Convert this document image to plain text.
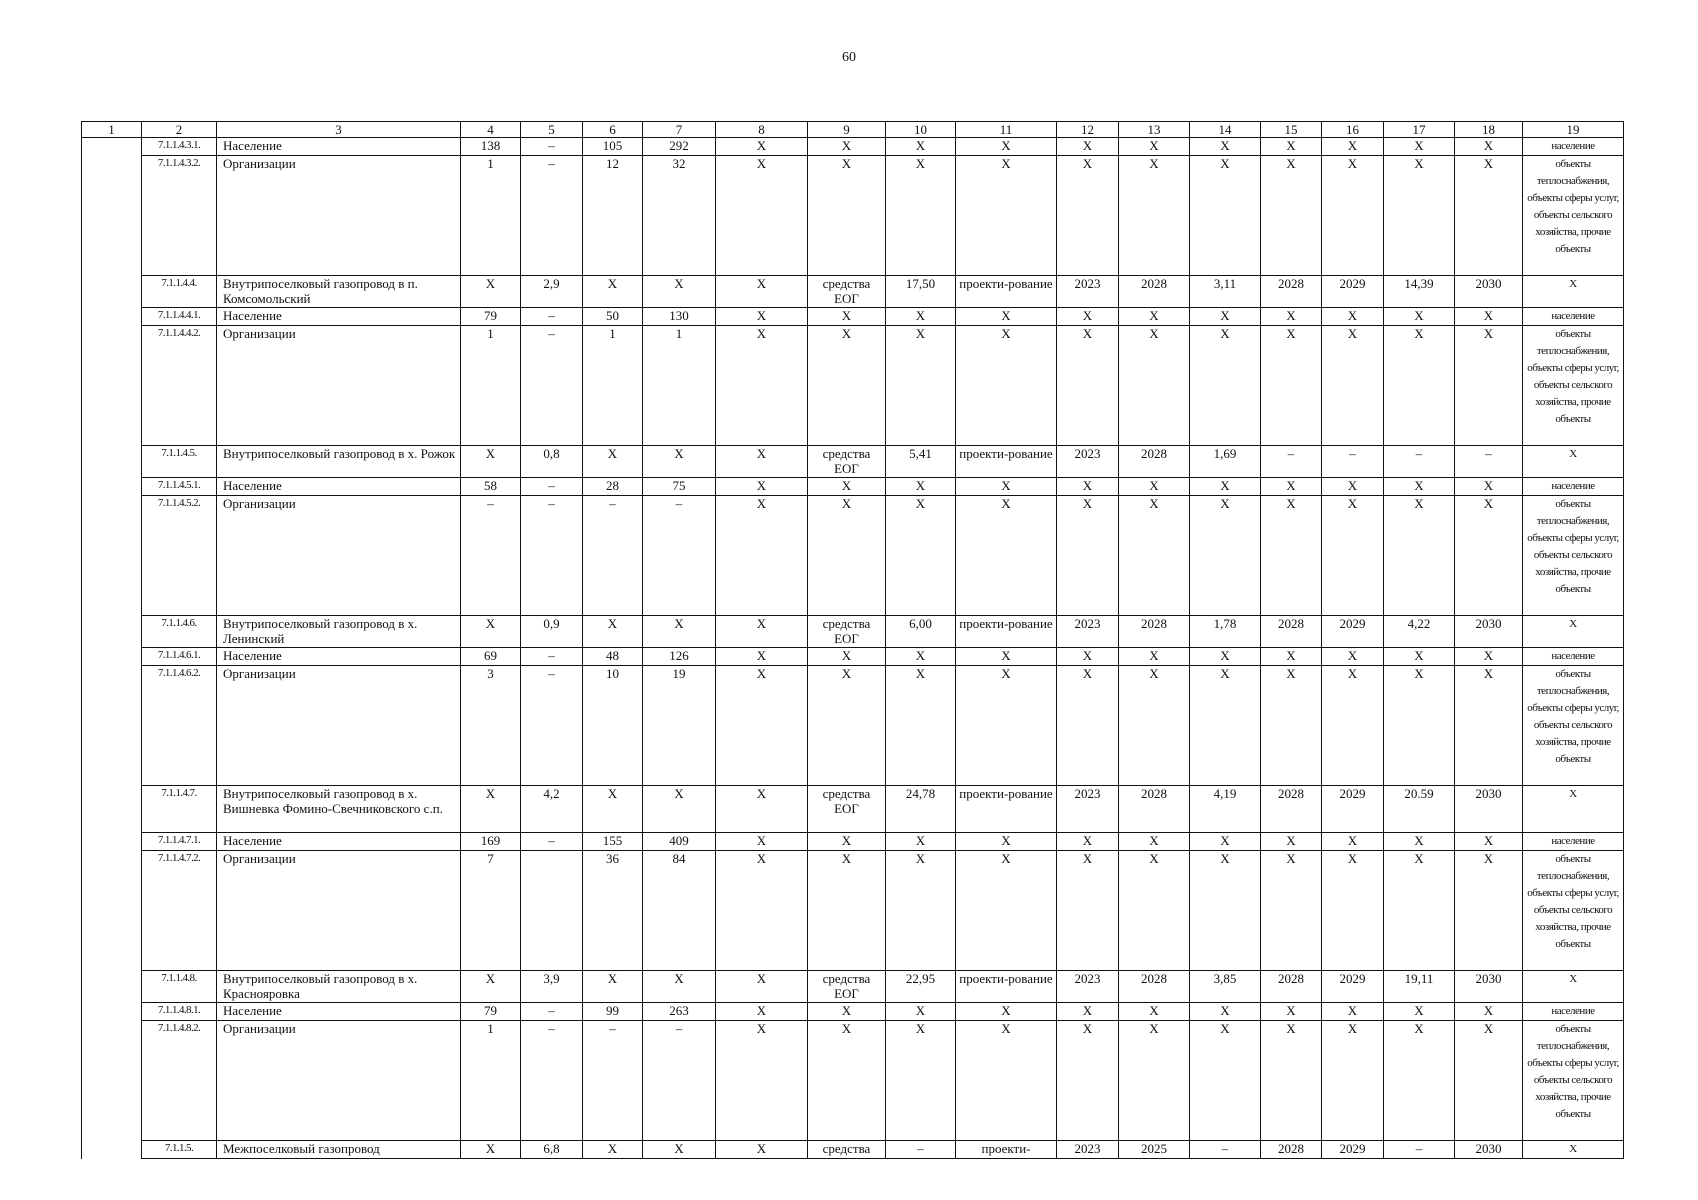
60
1	2	3	4	5	6	7	8	9	10	11	12	13	14	15	16	17	18	19
	7.1.1.4.3.1.	Население	138	–	105	292	X	X	X	X	X	X	X	X	X	X	X	население
	7.1.1.4.3.2.	Организации	1	–	12	32	X	X	X	X	X	X	X	X	X	X	X	объекты теплоснабжения, объекты сферы услуг, объекты сельского хозяйства, прочие объекты
	7.1.1.4.4.	Внутрипоселковый газопровод в п. Комсомольский	X	2,9	X	X	X	средства ЕОГ	17,50	проекти-рование	2023	2028	3,11	2028	2029	14,39	2030	X
	7.1.1.4.4.1.	Население	79	–	50	130	X	X	X	X	X	X	X	X	X	X	X	население
	7.1.1.4.4.2.	Организации	1	–	1	1	X	X	X	X	X	X	X	X	X	X	X	объекты теплоснабжения, объекты сферы услуг, объекты сельского хозяйства, прочие объекты
	7.1.1.4.5.	Внутрипоселковый газопровод в х. Рожок	X	0,8	X	X	X	средства ЕОГ	5,41	проекти-рование	2023	2028	1,69	–	–	–	–	X
	7.1.1.4.5.1.	Население	58	–	28	75	X	X	X	X	X	X	X	X	X	X	X	население
	7.1.1.4.5.2.	Организации	–	–	–	–	X	X	X	X	X	X	X	X	X	X	X	объекты теплоснабжения, объекты сферы услуг, объекты сельского хозяйства, прочие объекты
	7.1.1.4.6.	Внутрипоселковый газопровод в х. Ленинский	X	0,9	X	X	X	средства ЕОГ	6,00	проекти-рование	2023	2028	1,78	2028	2029	4,22	2030	X
	7.1.1.4.6.1.	Население	69	–	48	126	X	X	X	X	X	X	X	X	X	X	X	население
	7.1.1.4.6.2.	Организации	3	–	10	19	X	X	X	X	X	X	X	X	X	X	X	объекты теплоснабжения, объекты сферы услуг, объекты сельского хозяйства, прочие объекты
	7.1.1.4.7.	Внутрипоселковый газопровод в х. Вишневка Фомино-Свечниковского с.п.	X	4,2	X	X	X	средства ЕОГ	24,78	проекти-рование	2023	2028	4,19	2028	2029	20.59	2030	X
	7.1.1.4.7.1.	Население	169	–	155	409	X	X	X	X	X	X	X	X	X	X	X	население
	7.1.1.4.7.2.	Организации	7		36	84	X	X	X	X	X	X	X	X	X	X	X	объекты теплоснабжения, объекты сферы услуг, объекты сельского хозяйства, прочие объекты
	7.1.1.4.8.	Внутрипоселковый газопровод в х. Краснояровка	X	3,9	X	X	X	средства ЕОГ	22,95	проекти-рование	2023	2028	3,85	2028	2029	19,11	2030	X
	7.1.1.4.8.1.	Население	79	–	99	263	X	X	X	X	X	X	X	X	X	X	X	население
	7.1.1.4.8.2.	Организации	1	–	–	–	X	X	X	X	X	X	X	X	X	X	X	объекты теплоснабжения, объекты сферы услуг, объекты сельского хозяйства, прочие объекты
	7.1.1.5.	Межпоселковый газопровод	X	6,8	X	X	X	средства	–	проекти-	2023	2025	–	2028	2029	–	2030	X
